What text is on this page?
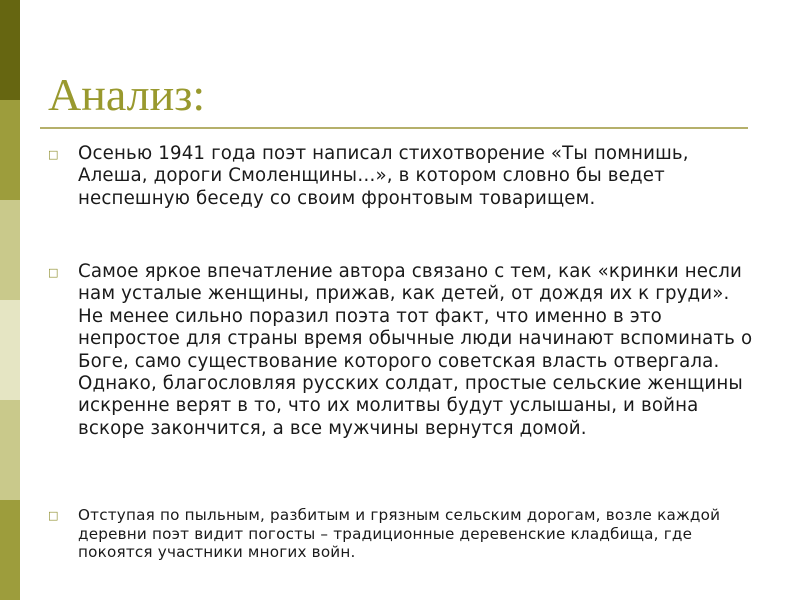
Анализ:
□ Осенью 1941 года поэт написал стихотворение «Ты помнишь, Алеша, дороги Смоленщины…», в котором словно бы ведет неспешную беседу со своим фронтовым товарищем.
□ Самое яркое впечатление автора связано с тем, как «кринки несли нам усталые женщины, прижав, как детей, от дождя их к груди». Не менее сильно поразил поэта тот факт, что именно в это непростое для страны время обычные люди начинают вспоминать о Боге, само существование которого советская власть отвергала. Однако, благословляя русских солдат, простые сельские женщины искренне верят в то, что их молитвы будут услышаны, и война вскоре закончится, а все мужчины вернутся домой.
□ Отступая по пыльным, разбитым и грязным сельским дорогам, возле каждой деревни поэт видит погосты – традиционные деревенские кладбища, где покоятся участники многих войн.
